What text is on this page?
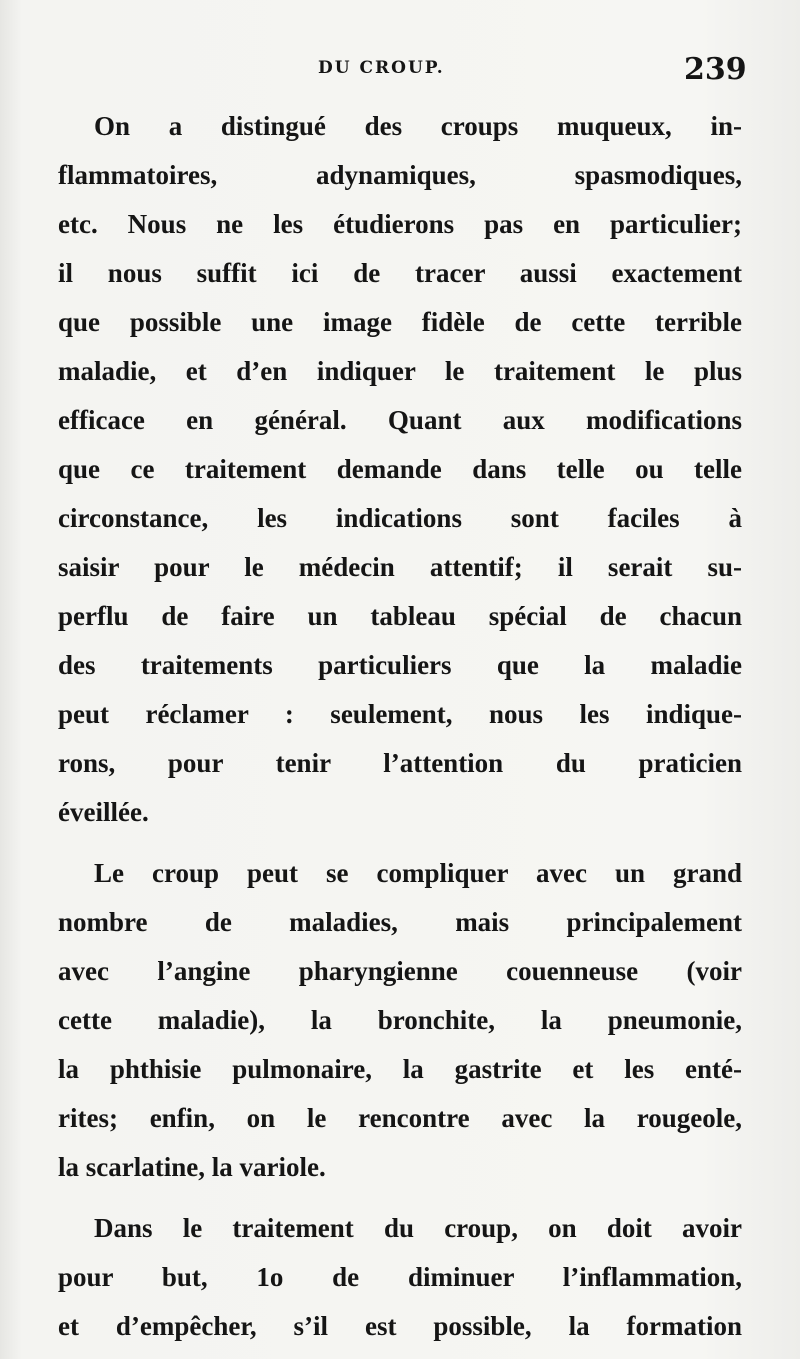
DU CROUP.	239
On a distingué des croups muqueux, in-
flammatoires, adynamiques, spasmodiques,
etc. Nous ne les étudierons pas en particulier;
il nous suffit ici de tracer aussi exactement
que possible une image fidèle de cette terrible
maladie, et d’en indiquer le traitement le plus
efficace en général. Quant aux modifications
que ce traitement demande dans telle ou telle
circonstance, les indications sont faciles à
saisir pour le médecin attentif; il serait su-
perflu de faire un tableau spécial de chacun
des traitements particuliers que la maladie
peut réclamer : seulement, nous les indique-
rons, pour tenir l’attention du praticien
éveillée.
Le croup peut se compliquer avec un grand
nombre de maladies, mais principalement
avec l’angine pharyngienne couenneuse (voir
cette maladie), la bronchite, la pneumonie,
la phthisie pulmonaire, la gastrite et les enté-
rites; enfin, on le rencontre avec la rougeole,
la scarlatine, la variole.
Dans le traitement du croup, on doit avoir
pour but, 1o de diminuer l’inflammation,
et d’empêcher, s’il est possible, la formation
